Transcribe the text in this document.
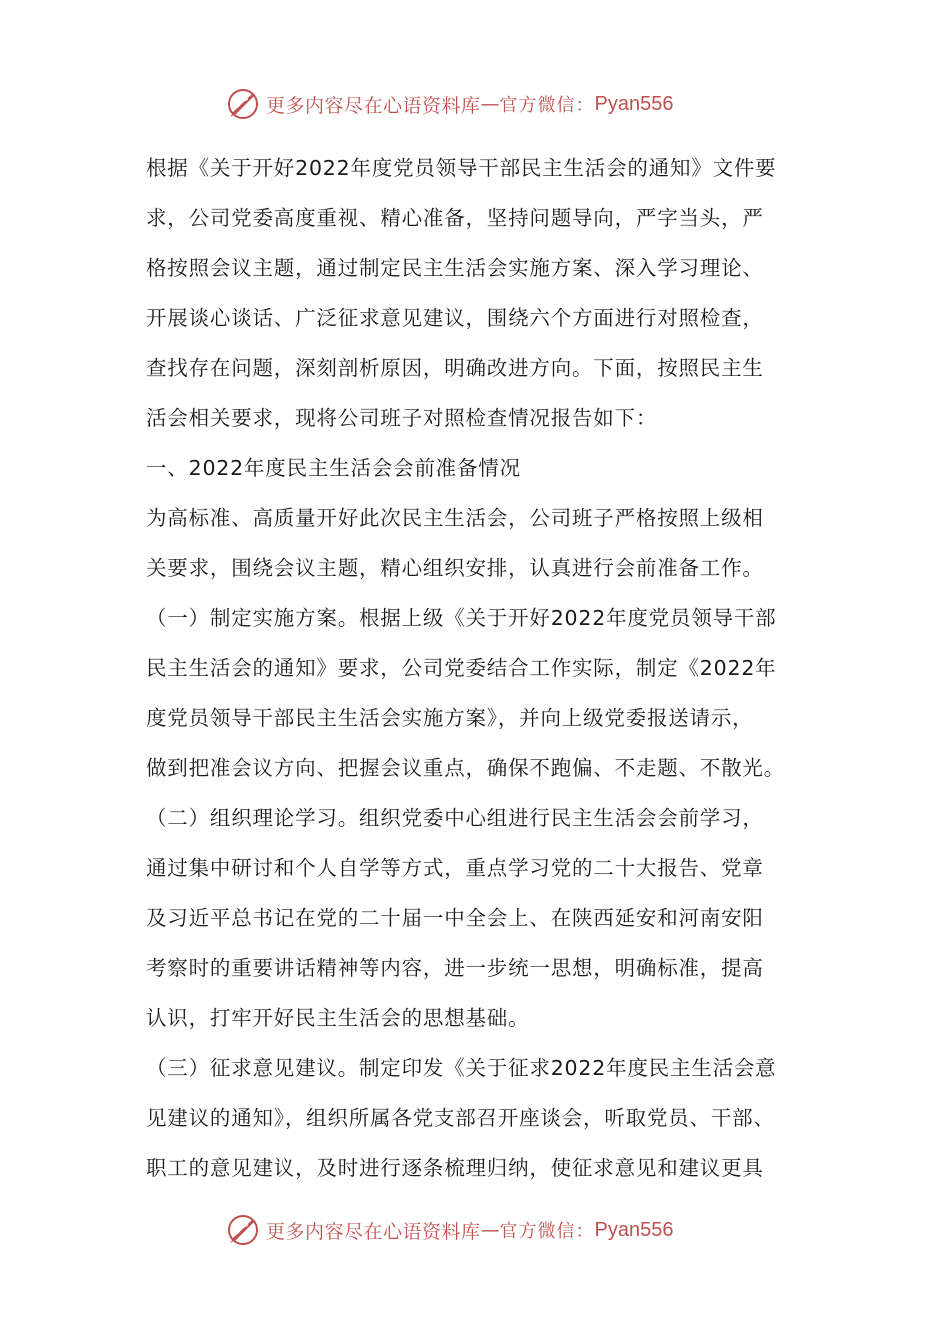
更多内容尽在心语资料库 — 官方微信： Pyan556
根据《关于开好2022年度党员领导干部民主生活会的通知》文件要
求，公司党委高度重视、精心准备，坚持问题导向，严字当头，严
格按照会议主题，通过制定民主生活会实施方案、深入学习理论、
开展谈心谈话、广泛征求意见建议，围绕六个方面进行对照检查，
查找存在问题，深刻剖析原因，明确改进方向。下面，按照民主生
活会相关要求，现将公司班子对照检查情况报告如下：
一、2022年度民主生活会会前准备情况
为高标准、高质量开好此次民主生活会，公司班子严格按照上级相
关要求，围绕会议主题，精心组织安排，认真进行会前准备工作。
（一）制定实施方案。根据上级《关于开好2022年度党员领导干部
民主生活会的通知》要求，公司党委结合工作实际，制定《2022年
度党员领导干部民主生活会实施方案》，并向上级党委报送请示，
做到把准会议方向、把握会议重点，确保不跑偏、不走题、不散光。
（二）组织理论学习。组织党委中心组进行民主生活会会前学习，
通过集中研讨和个人自学等方式，重点学习党的二十大报告、党章
及习近平总书记在党的二十届一中全会上、在陕西延安和河南安阳
考察时的重要讲话精神等内容，进一步统一思想，明确标准，提高
认识，打牢开好民主生活会的思想基础。
（三）征求意见建议。制定印发《关于征求2022年度民主生活会意
见建议的通知》，组织所属各党支部召开座谈会，听取党员、干部、
职工的意见建议，及时进行逐条梳理归纳，使征求意见和建议更具
更多内容尽在心语资料库 — 官方微信： Pyan556
